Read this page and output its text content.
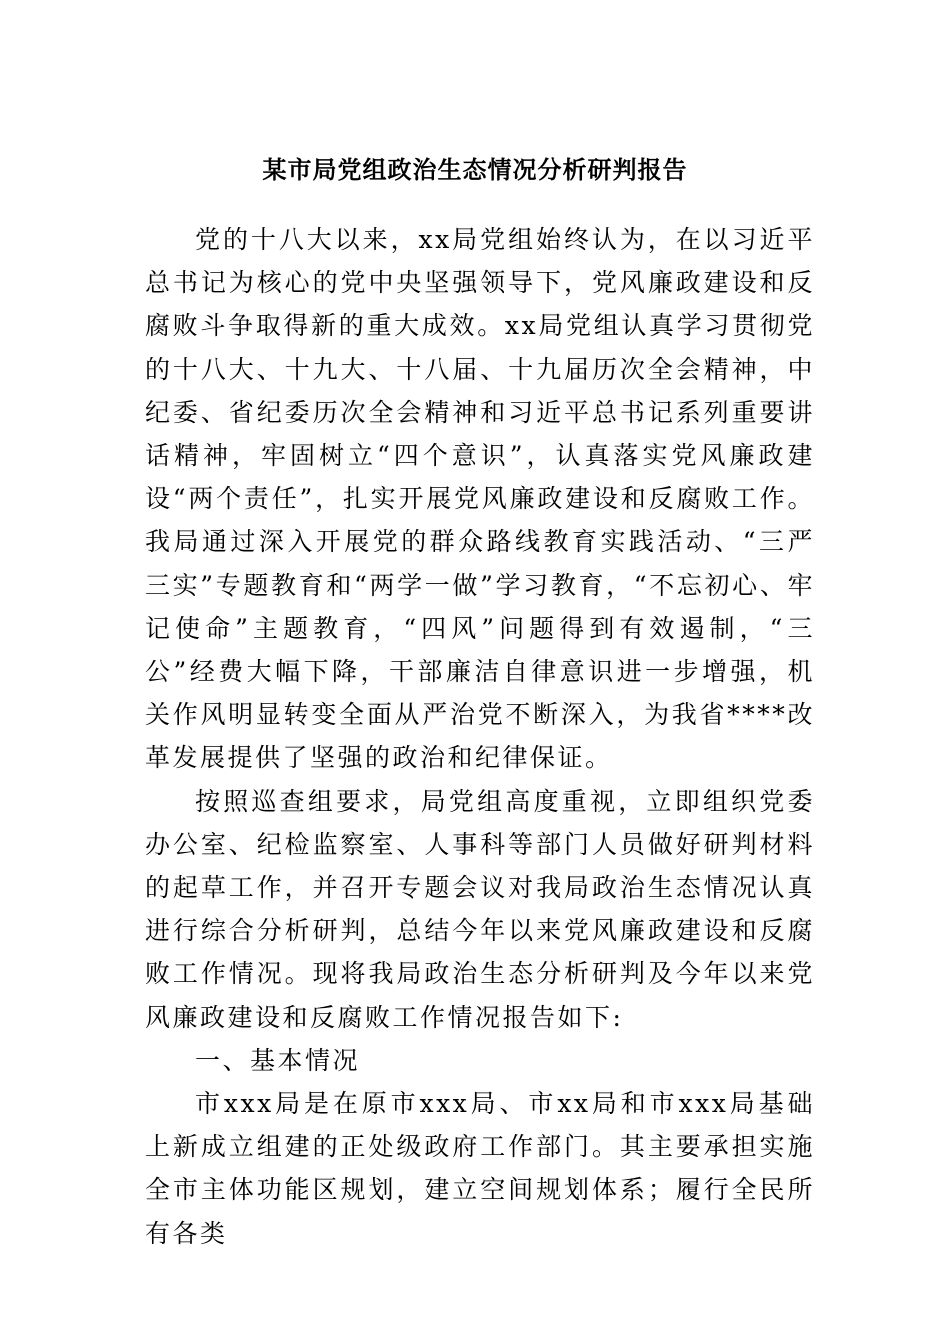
某市局党组政治生态情况分析研判报告

党的十八大以来，xx局党组始终认为，在以习近平总书记为核心的党中央坚强领导下，党风廉政建设和反腐败斗争取得新的重大成效。xx局党组认真学习贯彻党的十八大、十九大、十八届、十九届历次全会精神，中纪委、省纪委历次全会精神和习近平总书记系列重要讲话精神，牢固树立“四个意识”，认真落实党风廉政建设“两个责任”，扎实开展党风廉政建设和反腐败工作。我局通过深入开展党的群众路线教育实践活动、“三严三实”专题教育和“两学一做”学习教育，“不忘初心、牢记使命”主题教育，“四风”问题得到有效遏制，“三公”经费大幅下降，干部廉洁自律意识进一步增强，机关作风明显转变全面从严治党不断深入，为我省****改革发展提供了坚强的政治和纪律保证。

按照巡查组要求，局党组高度重视，立即组织党委办公室、纪检监察室、人事科等部门人员做好研判材料的起草工作，并召开专题会议对我局政治生态情况认真进行综合分析研判，总结今年以来党风廉政建设和反腐败工作情况。现将我局政治生态分析研判及今年以来党风廉政建设和反腐败工作情况报告如下:

一、基本情况

市xxx局是在原市xxx局、市xx局和市xxx局基础上新成立组建的正处级政府工作部门。其主要承担实施全市主体功能区规划，建立空间规划体系；履行全民所有各类
